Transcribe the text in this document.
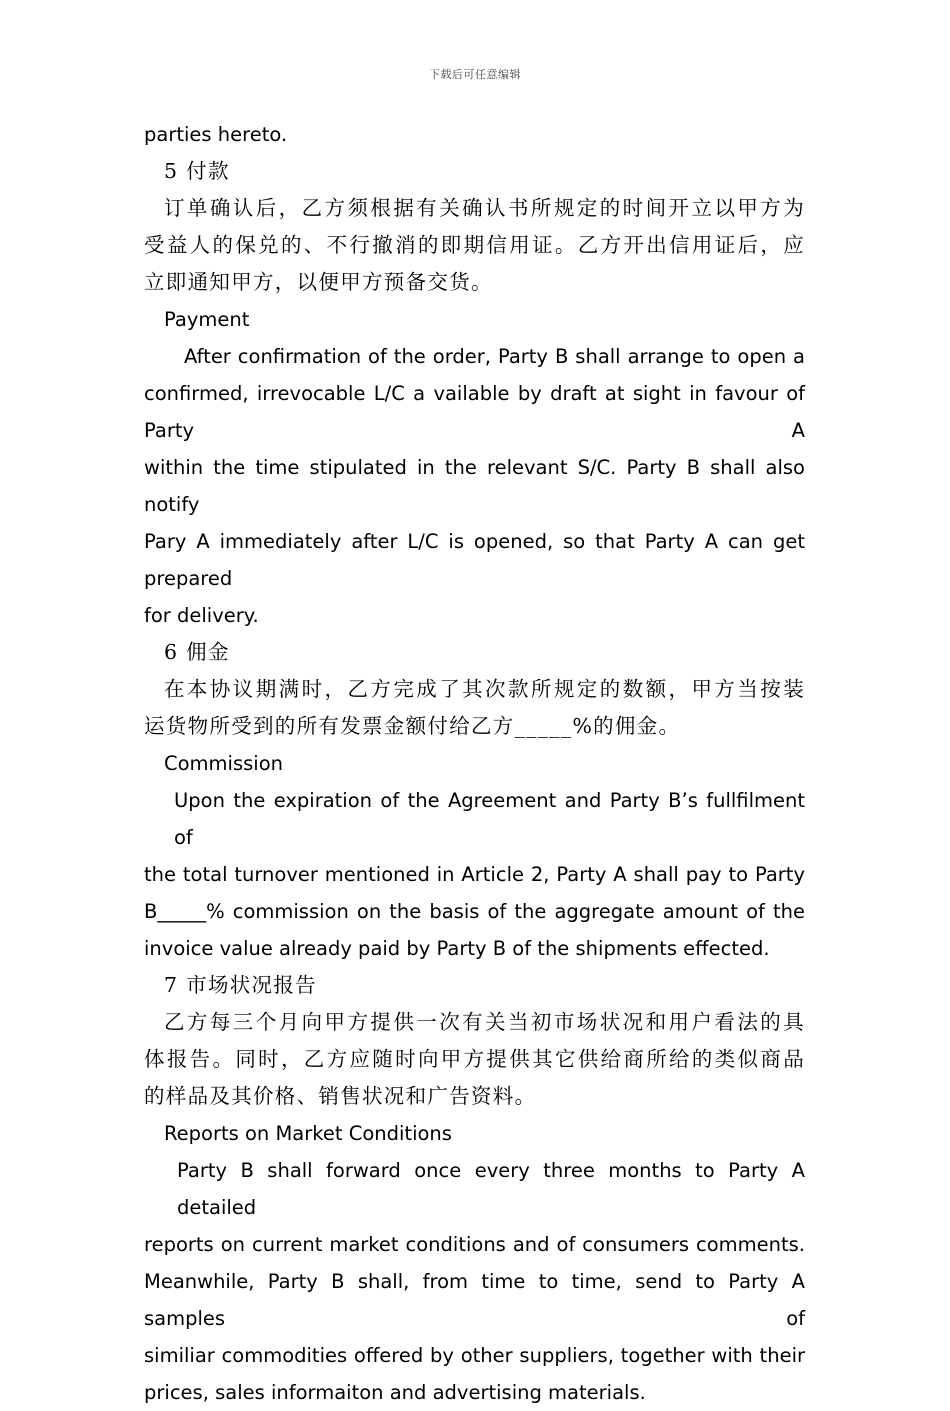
下载后可任意编辑
parties hereto.
5 付款
订单确认后，乙方须根据有关确认书所规定的时间开立以甲方为
受益人的保兑的、不行撤消的即期信用证。乙方开出信用证后，应
立即通知甲方，以便甲方预备交货。
Payment
After confirmation of the order, Party B shall arrange to open a
confirmed, irrevocable L/C a vailable by draft at sight in favour of Party A
within the time stipulated in the relevant S/C. Party B shall also notify
Pary A immediately after L/C is opened, so that Party A can get prepared
for delivery.
6 佣金
在本协议期满时，乙方完成了其次款所规定的数额，甲方当按装
运货物所受到的所有发票金额付给乙方_____%的佣金。
Commission
Upon the expiration of the Agreement and Party B’s fullfilment of
the total turnover mentioned in Article 2, Party A shall pay to Party
B_____% commission on the basis of the aggregate amount of the
invoice value already paid by Party B of the shipments effected.
7 市场状况报告
乙方每三个月向甲方提供一次有关当初市场状况和用户看法的具
体报告。同时，乙方应随时向甲方提供其它供给商所给的类似商品
的样品及其价格、销售状况和广告资料。
Reports on Market Conditions
Party B shall forward once every three months to Party A detailed
reports on current market conditions and of consumers comments.
Meanwhile, Party B shall, from time to time, send to Party A samples of
similiar commodities offered by other suppliers, together with their
prices, sales informaiton and advertising materials.
